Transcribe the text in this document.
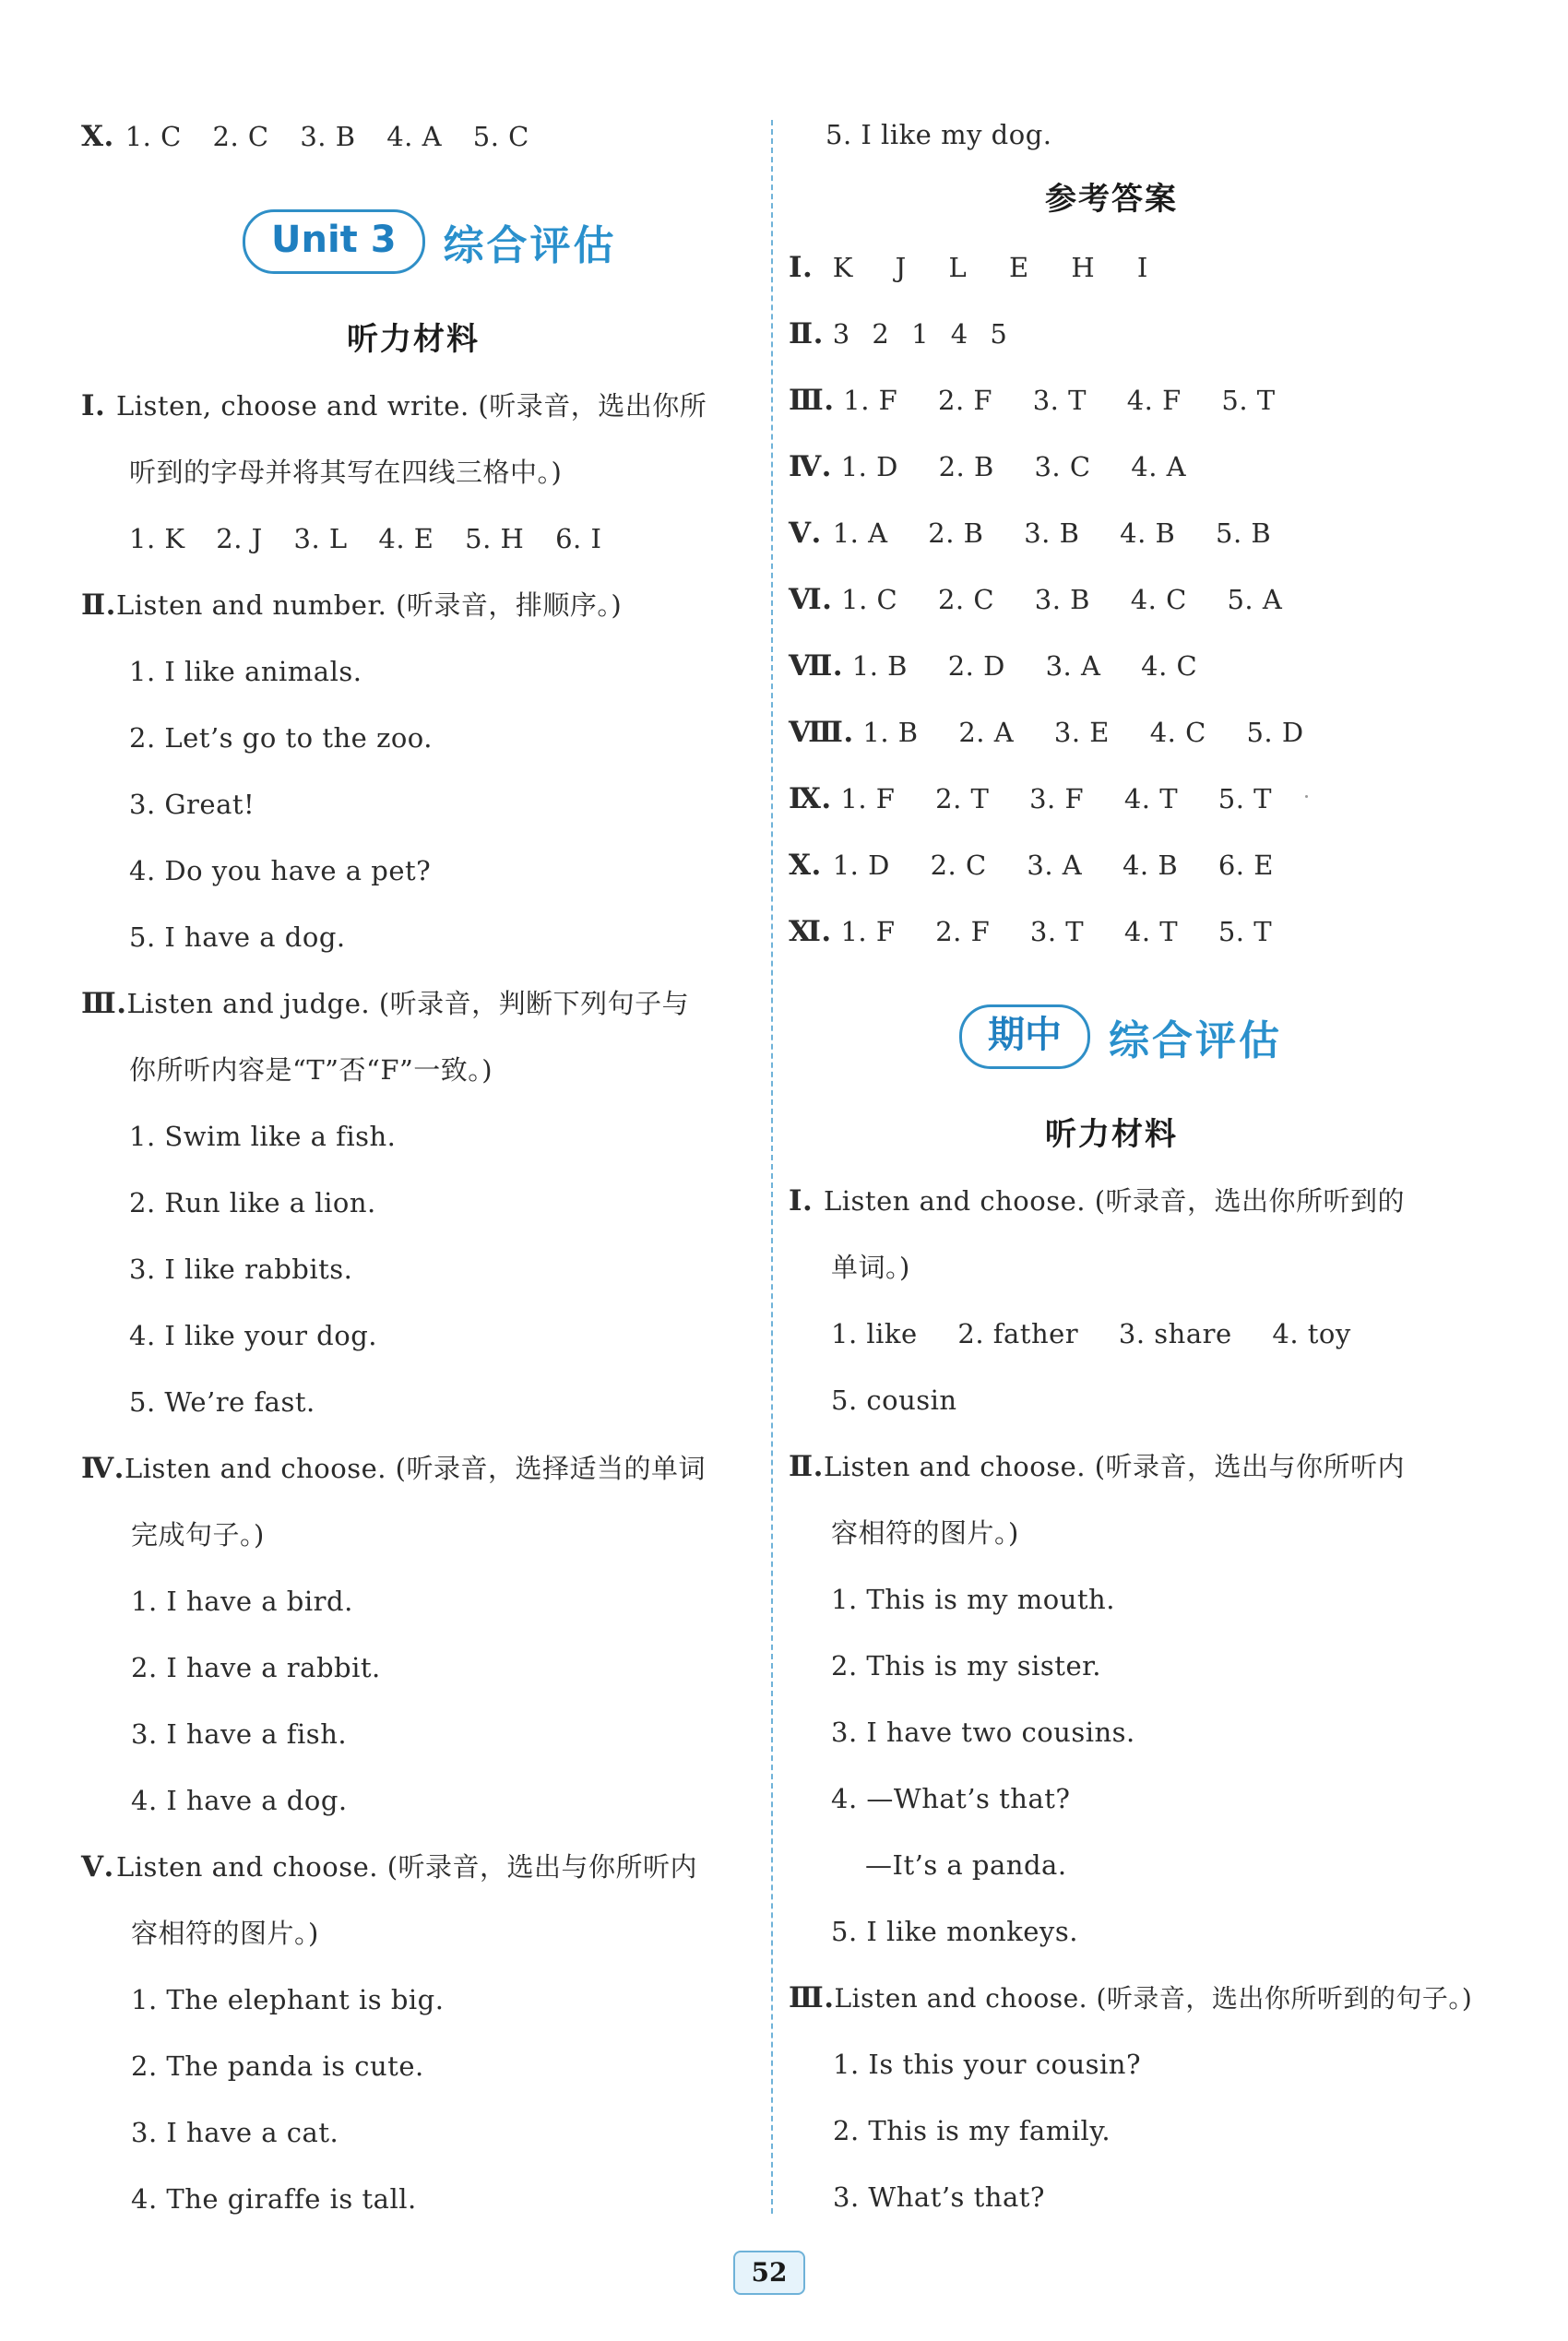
Ⅹ. 1. C 2. C 3. B 4. A 5. C
Unit 3	综合评估
听力材料
Ⅰ. Listen, choose and write. (听录音，选出你所
听到的字母并将其写在四线三格中。)
1. K 2. J 3. L 4. E 5. H 6. I
Ⅱ.Listen and number. (听录音，排顺序。)
1. I like animals.
2. Let’s go to the zoo.
3. Great!
4. Do you have a pet?
5. I have a dog.
Ⅲ.Listen and judge. (听录音，判断下列句子与
你所听内容是“T”否“F”一致。)
1. Swim like a fish.
2. Run like a lion.
3. I like rabbits.
4. I like your dog.
5. We’re fast.
Ⅳ.Listen and choose. (听录音，选择适当的单词
完成句子。)
1. I have a bird.
2. I have a rabbit.
3. I have a fish.
4. I have a dog.
Ⅴ.Listen and choose. (听录音，选出与你所听内
容相符的图片。)
1. The elephant is big.
2. The panda is cute.
3. I have a cat.
4. The giraffe is tall.
5. I like my dog.
参考答案
Ⅰ. K J L E H I
Ⅱ. 3 2 1 4 5
Ⅲ. 1. F 2. F 3. T 4. F 5. T
Ⅳ. 1. D 2. B 3. C 4. A
Ⅴ. 1. A 2. B 3. B 4. B 5. B
Ⅵ. 1. C 2. C 3. B 4. C 5. A
Ⅶ. 1. B 2. D 3. A 4. C
Ⅷ. 1. B 2. A 3. E 4. C 5. D
Ⅸ. 1. F 2. T 3. F 4. T 5. T
Ⅹ. 1. D 2. C 3. A 4. B 6. E
Ⅺ. 1. F 2. F 3. T 4. T 5. T
期中	综合评估
听力材料
Ⅰ. Listen and choose. (听录音，选出你所听到的
单词。)
1. like 2. father 3. share 4. toy
5. cousin
Ⅱ.Listen and choose. (听录音，选出与你所听内
容相符的图片。)
1. This is my mouth.
2. This is my sister.
3. I have two cousins.
4. —What’s that?
—It’s a panda.
5. I like monkeys.
Ⅲ.Listen and choose. (听录音，选出你所听到的句子。)
1. Is this your cousin?
2. This is my family.
3. What’s that?
52
